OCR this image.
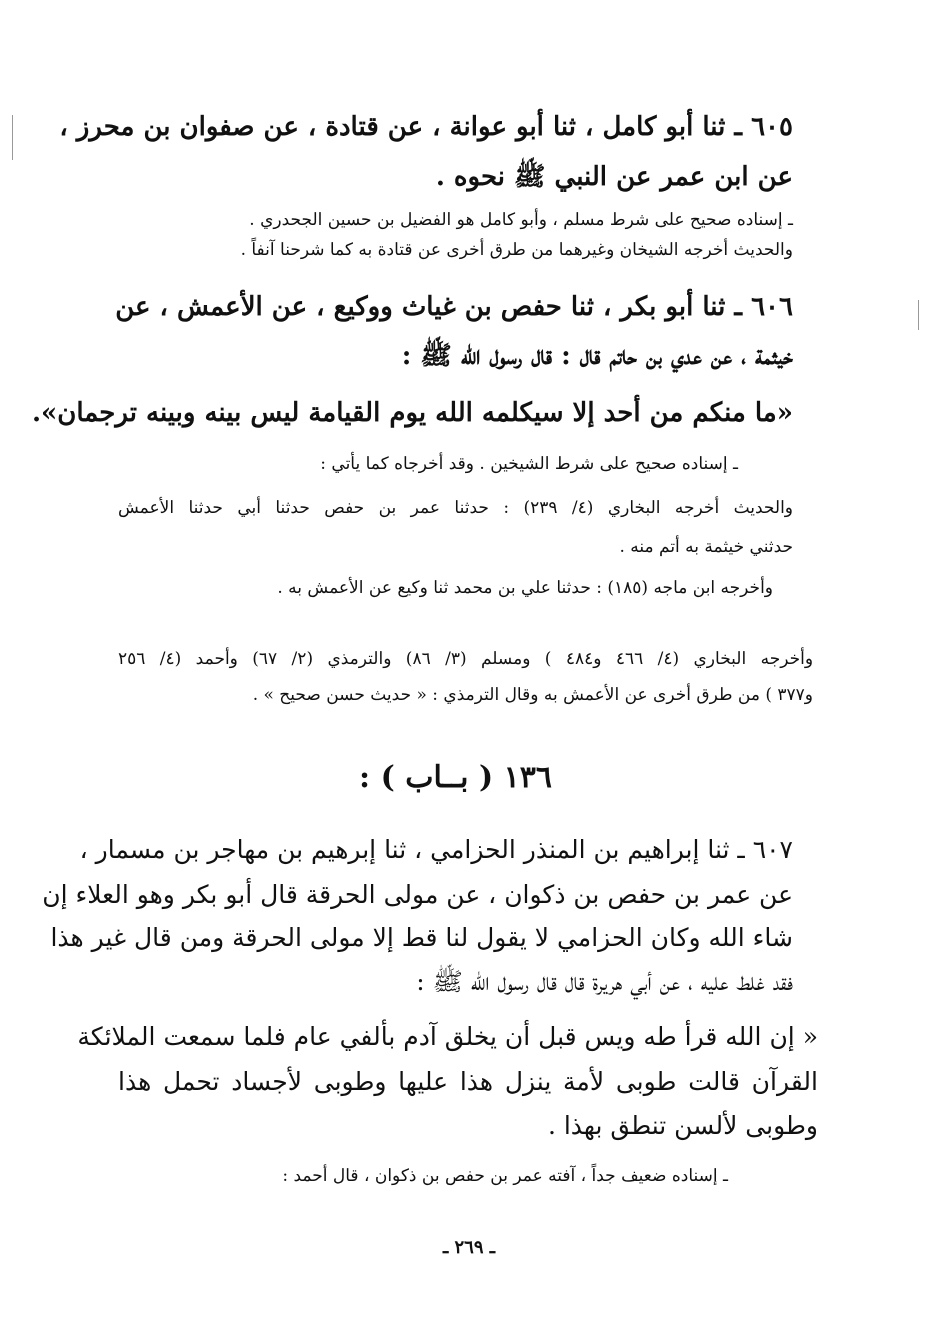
٦٠٥ ـ ثنا أبو كامل ، ثنا أبو عوانة ، عن قتادة ، عن صفوان بن محرز ،
عن ابن عمر عن النبي ﷺ نحوه .
ـ إسناده صحيح على شرط مسلم ، وأبو كامل هو الفضيل بن حسين الجحدري .
والحديث أخرجه الشيخان وغيرهما من طرق أخرى عن قتادة به كما شرحنا آنفاً .
٦٠٦ ـ ثنا أبو بكر ، ثنا حفص بن غياث ووكيع ، عن الأعمش ، عن
خيثمة ، عن عدي بن حاتم قال : قال رسول الله ﷺ :
«ما منكم من أحد إلا سيكلمه الله يوم القيامة ليس بينه وبينه ترجمان».
ـ إسناده صحيح على شرط الشيخين . وقد أخرجاه كما يأتي :
والحديث أخرجه البخاري (٤/ ٢٣٩) : حدثنا عمر بن حفص حدثنا أبي حدثنا الأعمش
حدثني خيثمة به أتم منه .
وأخرجه ابن ماجه (١٨٥) : حدثنا علي بن محمد ثنا وكيع عن الأعمش به .
وأخرجه البخاري (٤/ ٤٦٦ و٤٨٤ ) ومسلم (٣/ ٨٦) والترمذي (٢/ ٦٧) وأحمد (٤/ ٢٥٦
و٣٧٧ ) من طرق أخرى عن الأعمش به وقال الترمذي : « حديث حسن صحيح » .
١٣٦ ( بــاب ) :
٦٠٧ ـ ثنا إبراهيم بن المنذر الحزامي ، ثنا إبرهيم بن مهاجر بن مسمار ،
عن عمر بن حفص بن ذكوان ، عن مولى الحرقة قال أبو بكر وهو العلاء إن
شاء الله وكان الحزامي لا يقول لنا قط إلا مولى الحرقة ومن قال غير هذا
فقد غلط عليه ، عن أبي هريرة قال قال رسول الله ﷺ :
« إن الله قرأ طه ويس قبل أن يخلق آدم بألفي عام فلما سمعت الملائكة
القرآن قالت طوبى لأمة ينزل هذا عليها وطوبى لأجساد تحمل هذا
وطوبى لألسن تنطق بهذا .
ـ إسناده ضعيف جداً ، آفته عمر بن حفص بن ذكوان ، قال أحمد :
ـ ٢٦٩ ـ
